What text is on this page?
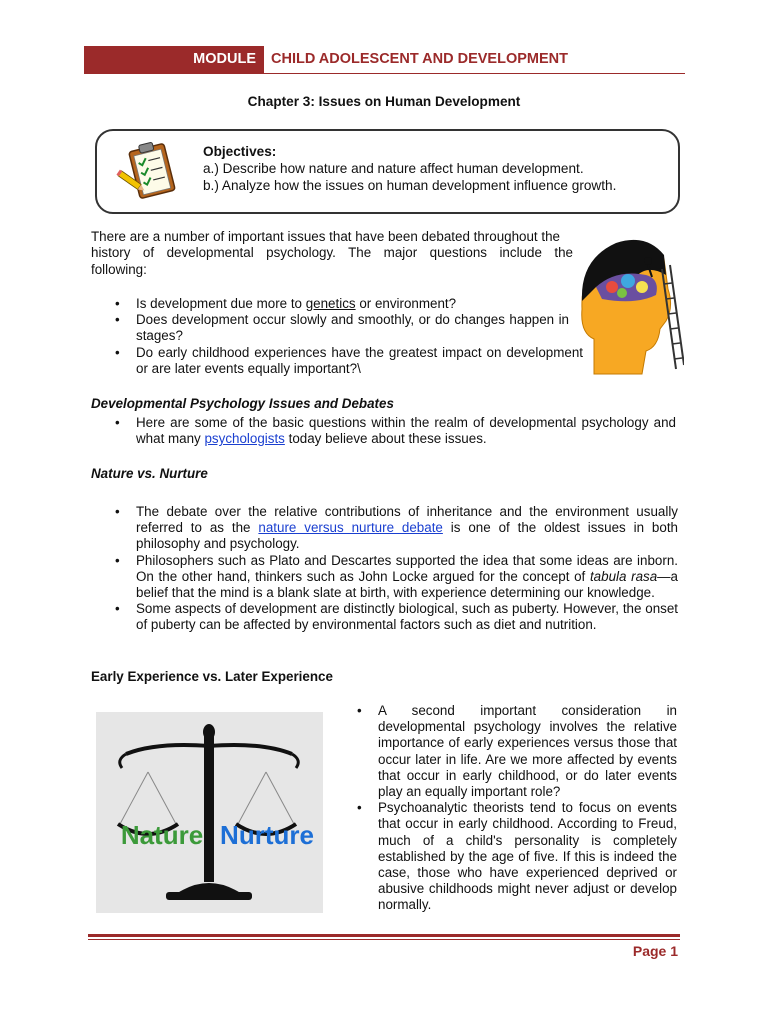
MODULE	CHILD ADOLESCENT AND DEVELOPMENT
Chapter 3: Issues on Human Development
Objectives:
a.) Describe how nature and nature affect human development.
b.) Analyze how the issues on human development influence growth.
There are a number of important issues that have been debated throughout the
history of developmental psychology. The major questions include the
following:
• Is development due more to genetics or environment?
• Does development occur slowly and smoothly, or do changes happen in stages?
• Do early childhood experiences have the greatest impact on development or are later events equally important?\
Developmental Psychology Issues and Debates
• Here are some of the basic questions within the realm of developmental psychology and what many psychologists today believe about these issues.
Nature vs. Nurture
• The debate over the relative contributions of inheritance and the environment usually referred to as the nature versus nurture debate is one of the oldest issues in both philosophy and psychology.
• Philosophers such as Plato and Descartes supported the idea that some ideas are inborn. On the other hand, thinkers such as John Locke argued for the concept of tabula rasa—a belief that the mind is a blank slate at birth, with experience determining our knowledge.
• Some aspects of development are distinctly biological, such as puberty. However, the onset of puberty can be affected by environmental factors such as diet and nutrition.
Early Experience vs. Later Experience
Nature Nurture
• A second important consideration in developmental psychology involves the relative importance of early experiences versus those that occur later in life. Are we more affected by events that occur in early childhood, or do later events play an equally important role?
• Psychoanalytic theorists tend to focus on events that occur in early childhood. According to Freud, much of a child's personality is completely established by the age of five. If this is indeed the case, those who have experienced deprived or abusive childhoods might never adjust or develop normally.
Page 1
